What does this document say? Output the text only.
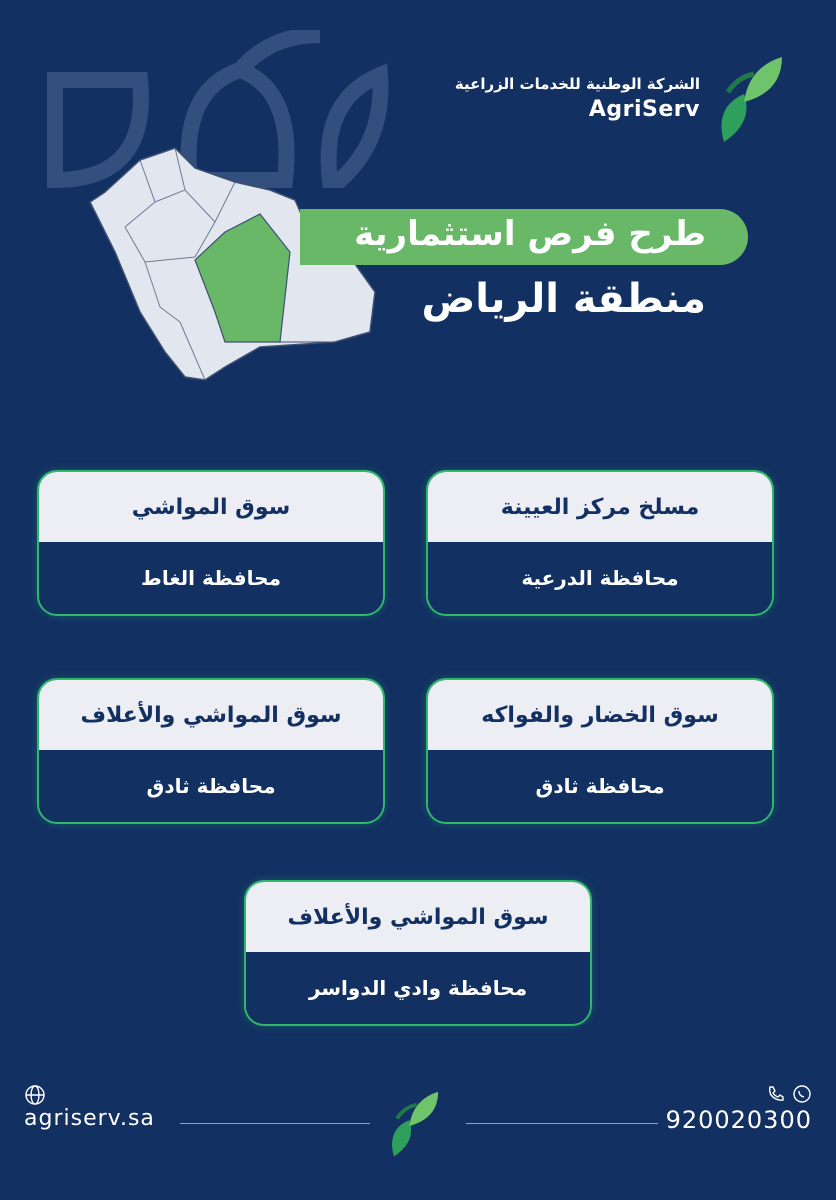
الشركة الوطنية للخدمات الزراعية
AgriServ
طرح فرص استثمارية
منطقة الرياض
مسلخ مركز العيينة
محافظة الدرعية
سوق المواشي
محافظة الغاط
سوق الخضار والفواكه
محافظة ثادق
سوق المواشي والأعلاف
محافظة ثادق
سوق المواشي والأعلاف
محافظة وادي الدواسر
agriserv.sa	920020300
